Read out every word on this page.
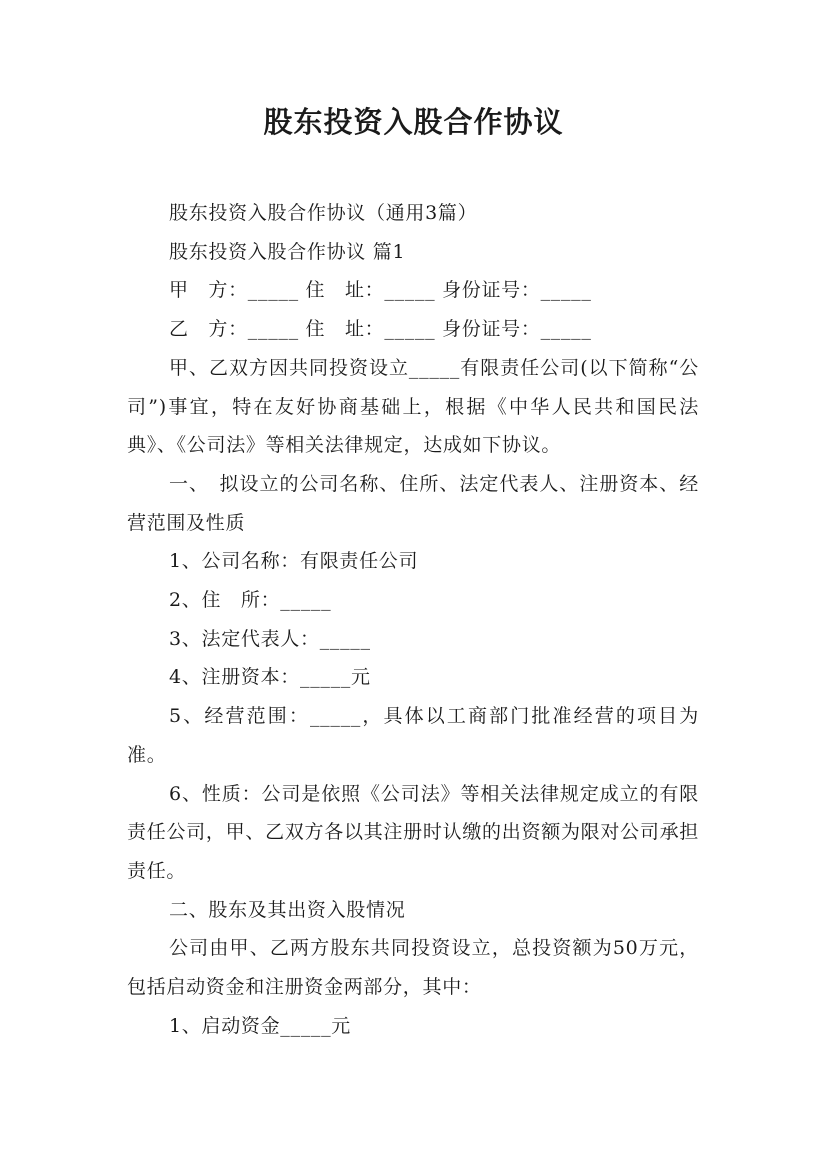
股东投资入股合作协议

股东投资入股合作协议（通用3篇）

股东投资入股合作协议 篇1

甲　方：_____ 住　址：_____ 身份证号：_____

乙　方：_____ 住　址：_____ 身份证号：_____

甲、乙双方因共同投资设立_____有限责任公司(以下简称“公司”)事宜，特在友好协商基础上，根据《中华人民共和国民法典》、《公司法》等相关法律规定，达成如下协议。

一、　拟设立的公司名称、住所、法定代表人、注册资本、经营范围及性质

1、公司名称：有限责任公司

2、住　所：_____

3、法定代表人：_____

4、注册资本：_____元

5、经营范围：_____，具体以工商部门批准经营的项目为准。

6、性质：公司是依照《公司法》等相关法律规定成立的有限责任公司，甲、乙双方各以其注册时认缴的出资额为限对公司承担责任。

二、股东及其出资入股情况

公司由甲、乙两方股东共同投资设立，总投资额为50万元，包括启动资金和注册资金两部分，其中：

1、启动资金_____元
